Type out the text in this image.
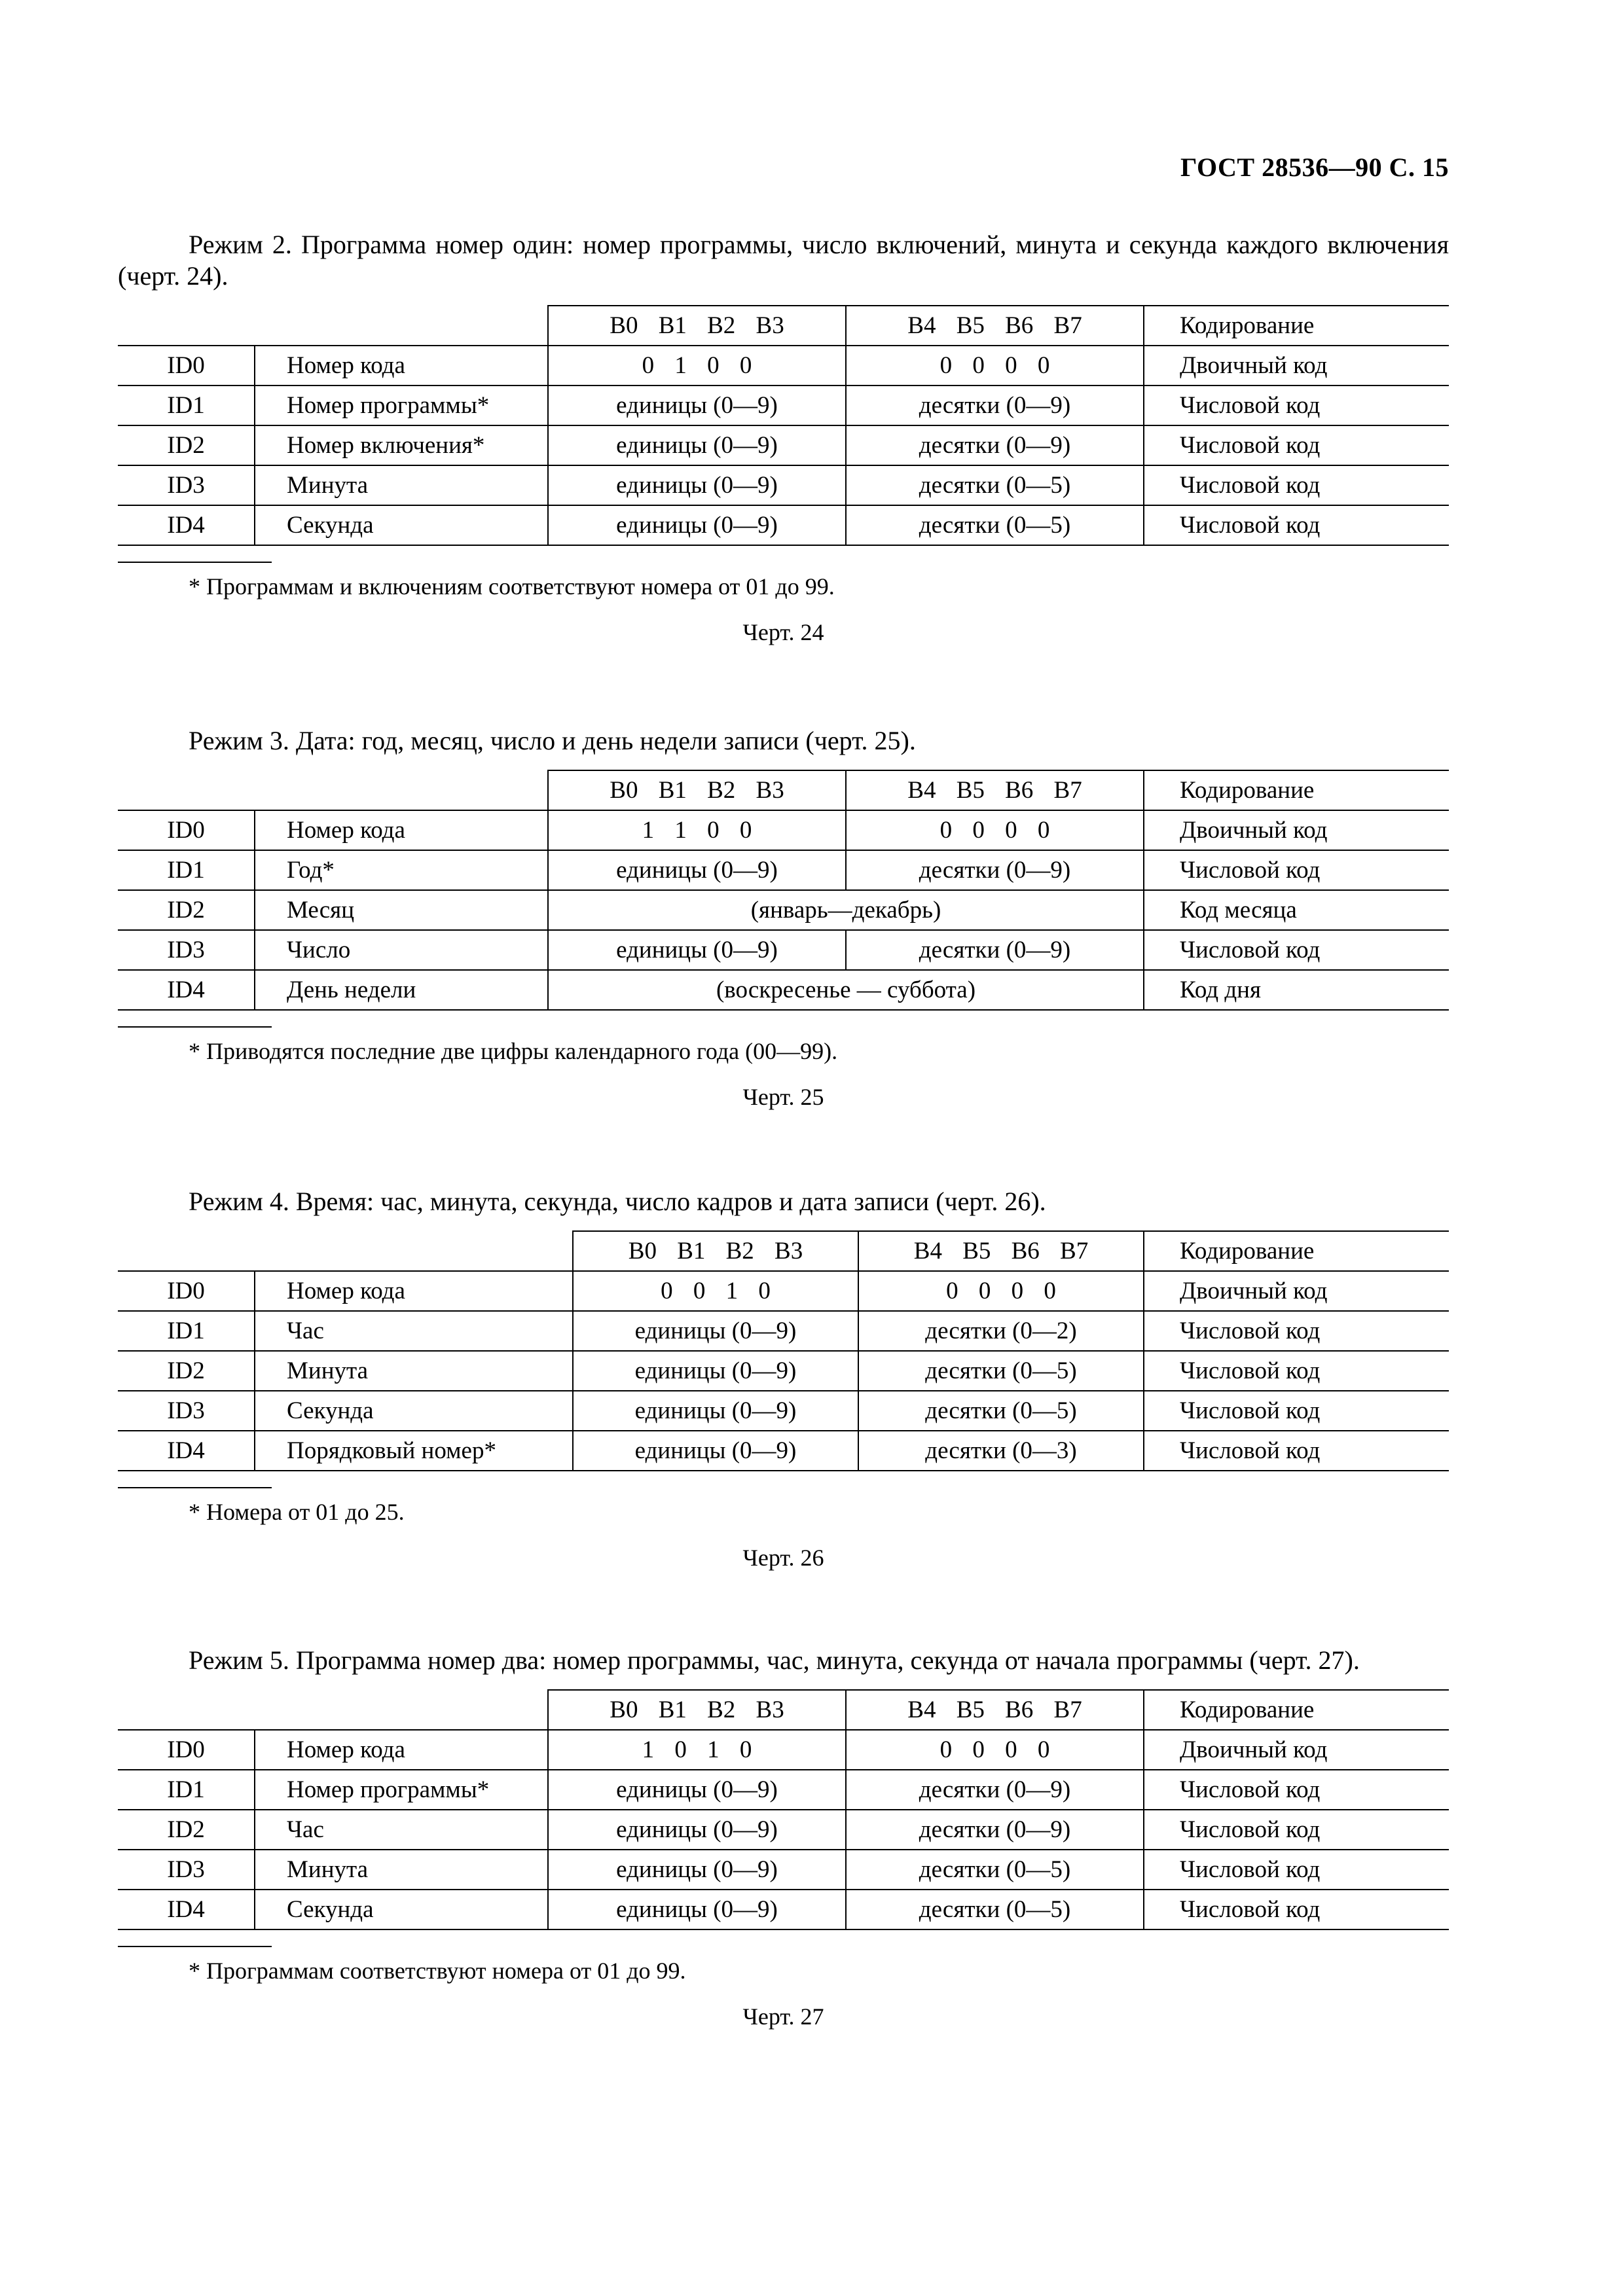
ГОСТ 28536—90 С. 15

Режим 2. Программа номер один: номер программы, число включений, минута и секунда каждого включения (черт. 24).

		B0 B1 B2 B3	B4 B5 B6 B7	Кодирование
ID0	Номер кода	0 1 0 0	0 0 0 0	Двоичный код
ID1	Номер программы*	единицы (0—9)	десятки (0—9)	Числовой код
ID2	Номер включения*	единицы (0—9)	десятки (0—9)	Числовой код
ID3	Минута	единицы (0—9)	десятки (0—5)	Числовой код
ID4	Секунда	единицы (0—9)	десятки (0—5)	Числовой код

* Программам и включениям соответствуют номера от 01 до 99.

Черт. 24

Режим 3. Дата: год, месяц, число и день недели записи (черт. 25).

		B0 B1 B2 B3	B4 B5 B6 B7	Кодирование
ID0	Номер кода	1 1 0 0	0 0 0 0	Двоичный код
ID1	Год*	единицы (0—9)	десятки (0—9)	Числовой код
ID2	Месяц	(январь—декабрь)		Код месяца
ID3	Число	единицы (0—9)	десятки (0—9)	Числовой код
ID4	День недели	(воскресенье — суббота)		Код дня

* Приводятся последние две цифры календарного года (00—99).

Черт. 25

Режим 4. Время: час, минута, секунда, число кадров и дата записи (черт. 26).

		B0 B1 B2 B3	B4 B5 B6 B7	Кодирование
ID0	Номер кода	0 0 1 0	0 0 0 0	Двоичный код
ID1	Час	единицы (0—9)	десятки (0—2)	Числовой код
ID2	Минута	единицы (0—9)	десятки (0—5)	Числовой код
ID3	Секунда	единицы (0—9)	десятки (0—5)	Числовой код
ID4	Порядковый номер*	единицы (0—9)	десятки (0—3)	Числовой код

* Номера от 01 до 25.

Черт. 26

Режим 5. Программа номер два: номер программы, час, минута, секунда от начала программы (черт. 27).

		B0 B1 B2 B3	B4 B5 B6 B7	Кодирование
ID0	Номер кода	1 0 1 0	0 0 0 0	Двоичный код
ID1	Номер программы*	единицы (0—9)	десятки (0—9)	Числовой код
ID2	Час	единицы (0—9)	десятки (0—9)	Числовой код
ID3	Минута	единицы (0—9)	десятки (0—5)	Числовой код
ID4	Секунда	единицы (0—9)	десятки (0—5)	Числовой код

* Программам соответствуют номера от 01 до 99.

Черт. 27
